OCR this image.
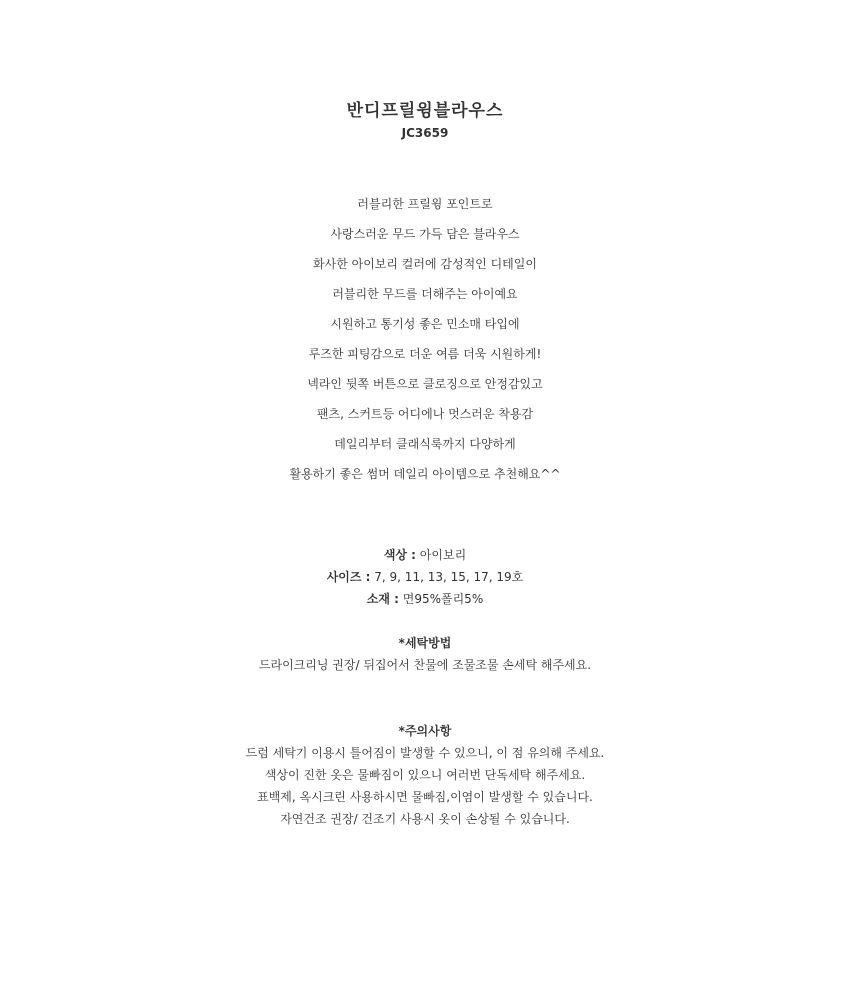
반디프릴윙블라우스
JC3659
러블리한 프릴윙 포인트로
사랑스러운 무드 가득 담은 블라우스
화사한 아이보리 컬러에 감성적인 디테일이
러블리한 무드를 더해주는 아이예요
시원하고 통기성 좋은 민소매 타입에
루즈한 피팅감으로 더운 여름 더욱 시원하게!
넥라인 뒷쪽 버튼으로 클로징으로 안정감있고
팬츠, 스커트등 어디에나 멋스러운 착용감
데일리부터 클래식룩까지 다양하게
활용하기 좋은 썸머 데일리 아이템으로 추천해요^^
색상 : 아이보리
사이즈 : 7, 9, 11, 13, 15, 17, 19호
소재 : 면95%폴리5%
*세탁방법
드라이크리닝 권장/ 뒤집어서 찬물에 조물조물 손세탁 해주세요.
*주의사항
드럼 세탁기 이용시 틀어짐이 발생할 수 있으니, 이 점 유의해 주세요.
색상이 진한 옷은 물빠짐이 있으니 여러번 단독세탁 해주세요.
표백제, 옥시크린 사용하시면 물빠짐,이염이 발생할 수 있습니다.
자연건조 권장/ 건조기 사용시 옷이 손상될 수 있습니다.
